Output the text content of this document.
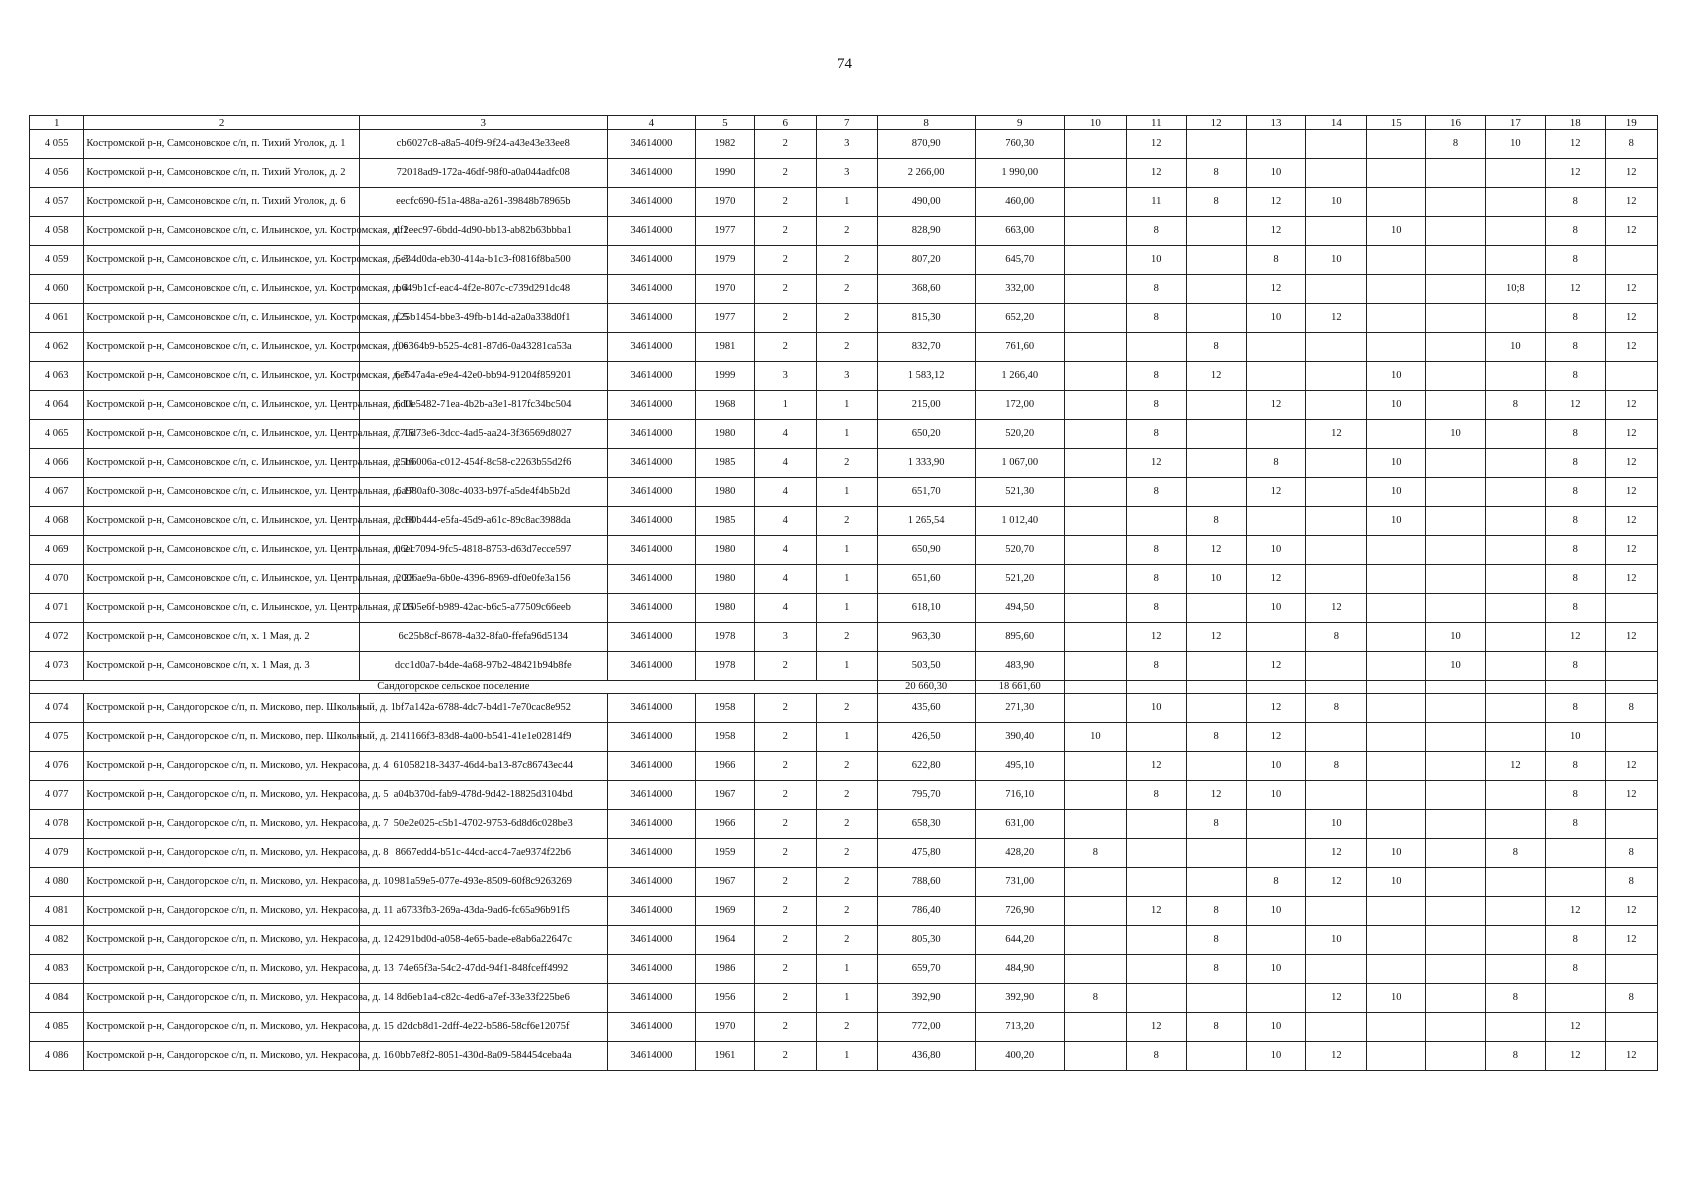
74
1	2	3	4	5	6	7	8	9	10	11	12	13	14	15	16	17	18	19
4 055	Костромской р-н, Самсоновское с/п, п. Тихий Уголок, д. 1	cb6027c8-a8a5-40f9-9f24-a43e43e33ee8	34614000	1982	2	3	870,90	760,30		12					8	10	12	8
4 056	Костромской р-н, Самсоновское с/п, п. Тихий Уголок, д. 2	72018ad9-172a-46df-98f0-a0a044adfc08	34614000	1990	2	3	2 266,00	1 990,00		12	8	10					12	12
4 057	Костромской р-н, Самсоновское с/п, п. Тихий Уголок, д. 6	eecfc690-f51a-488a-a261-39848b78965b	34614000	1970	2	1	490,00	460,00		11	8	12	10				8	12
4 058	Костромской р-н, Самсоновское с/п, с. Ильинское, ул. Костромская, д. 1	df2eec97-6bdd-4d90-bb13-ab82b63bbba1	34614000	1977	2	2	828,90	663,00		8		12		10			8	12
4 059	Костромской р-н, Самсоновское с/п, с. Ильинское, ул. Костромская, д. 3	5e34d0da-eb30-414a-b1c3-f0816f8ba500	34614000	1979	2	2	807,20	645,70		10		8	10				8	
4 060	Костромской р-н, Самсоновское с/п, с. Ильинское, ул. Костромская, д. 4	b649b1cf-eac4-4f2e-807c-c739d291dc48	34614000	1970	2	2	368,60	332,00		8		12				10;8	12	12
4 061	Костромской р-н, Самсоновское с/п, с. Ильинское, ул. Костромская, д. 5	f25b1454-bbe3-49fb-b14d-a2a0a338d0f1	34614000	1977	2	2	815,30	652,20		8		10	12				8	12
4 062	Костромской р-н, Самсоновское с/п, с. Ильинское, ул. Костромская, д. 6	f0e364b9-b525-4c81-87d6-0a43281ca53a	34614000	1981	2	2	832,70	761,60			8					10	8	12
4 063	Костромской р-н, Самсоновское с/п, с. Ильинское, ул. Костромская, д. 7	6e647a4a-e9e4-42e0-bb94-91204f859201	34614000	1999	3	3	1 583,12	1 266,40		8	12			10			8	
4 064	Костромской р-н, Самсоновское с/п, с. Ильинское, ул. Центральная, д. 11	6d0e5482-71ea-4b2b-a3e1-817fc34bc504	34614000	1968	1	1	215,00	172,00		8		12		10		8	12	12
4 065	Костромской р-н, Самсоновское с/п, с. Ильинское, ул. Центральная, д. 15	770d73e6-3dcc-4ad5-aa24-3f36569d8027	34614000	1980	4	1	650,20	520,20		8			12		10		8	12
4 066	Костромской р-н, Самсоновское с/п, с. Ильинское, ул. Центральная, д. 16	25b6006a-c012-454f-8c58-c2263b55d2f6	34614000	1985	4	2	1 333,90	1 067,00		12		8		10			8	12
4 067	Костромской р-н, Самсоновское с/п, с. Ильинское, ул. Центральная, д. 17	6a980af0-308c-4033-b97f-a5de4f4b5b2d	34614000	1980	4	1	651,70	521,30		8		12		10			8	12
4 068	Костромской р-н, Самсоновское с/п, с. Ильинское, ул. Центральная, д. 18	2c80b444-e5fa-45d9-a61c-89c8ac3988da	34614000	1985	4	2	1 265,54	1 012,40			8			10			8	12
4 069	Костромской р-н, Самсоновское с/п, с. Ильинское, ул. Центральная, д. 21	06ec7094-9fc5-4818-8753-d63d7ecce597	34614000	1980	4	1	650,90	520,70		8	12	10					8	12
4 070	Костромской р-н, Самсоновское с/п, с. Ильинское, ул. Центральная, д. 23	2006ae9a-6b0e-4396-8969-df0e0fe3a156	34614000	1980	4	1	651,60	521,20		8	10	12					8	12
4 071	Костромской р-н, Самсоновское с/п, с. Ильинское, ул. Центральная, д. 25	71105e6f-b989-42ac-b6c5-a77509c66eeb	34614000	1980	4	1	618,10	494,50		8		10	12				8	
4 072	Костромской р-н, Самсоновское с/п, х. 1 Мая, д. 2	6c25b8cf-8678-4a32-8fa0-ffefa96d5134	34614000	1978	3	2	963,30	895,60		12	12		8		10		12	12
4 073	Костромской р-н, Самсоновское с/п, х. 1 Мая, д. 3	dcc1d0a7-b4de-4a68-97b2-48421b94b8fe	34614000	1978	2	1	503,50	483,90		8		12			10		8	
Сандогорское сельское поселение							20 660,30	18 661,60										
4 074	Костромской р-н, Сандогорское с/п, п. Мисково, пер. Школьный, д. 1	bf7a142a-6788-4dc7-b4d1-7e70cac8e952	34614000	1958	2	2	435,60	271,30		10		12	8				8	8
4 075	Костромской р-н, Сандогорское с/п, п. Мисково, пер. Школьный, д. 2	141166f3-83d8-4a00-b541-41e1e02814f9	34614000	1958	2	1	426,50	390,40	10		8	12					10	
4 076	Костромской р-н, Сандогорское с/п, п. Мисково, ул. Некрасова, д. 4	61058218-3437-46d4-ba13-87c86743ec44	34614000	1966	2	2	622,80	495,10		12		10	8			12	8	12
4 077	Костромской р-н, Сандогорское с/п, п. Мисково, ул. Некрасова, д. 5	a04b370d-fab9-478d-9d42-18825d3104bd	34614000	1967	2	2	795,70	716,10		8	12	10					8	12
4 078	Костромской р-н, Сандогорское с/п, п. Мисково, ул. Некрасова, д. 7	50e2e025-c5b1-4702-9753-6d8d6c028be3	34614000	1966	2	2	658,30	631,00			8		10				8	
4 079	Костромской р-н, Сандогорское с/п, п. Мисково, ул. Некрасова, д. 8	8667edd4-b51c-44cd-acc4-7ae9374f22b6	34614000	1959	2	2	475,80	428,20	8				12	10		8		8
4 080	Костромской р-н, Сандогорское с/п, п. Мисково, ул. Некрасова, д. 10	981a59e5-077e-493e-8509-60f8c9263269	34614000	1967	2	2	788,60	731,00				8	12	10				8
4 081	Костромской р-н, Сандогорское с/п, п. Мисково, ул. Некрасова, д. 11	a6733fb3-269a-43da-9ad6-fc65a96b91f5	34614000	1969	2	2	786,40	726,90		12	8	10					12	12
4 082	Костромской р-н, Сандогорское с/п, п. Мисково, ул. Некрасова, д. 12	4291bd0d-a058-4e65-bade-e8ab6a22647c	34614000	1964	2	2	805,30	644,20			8		10				8	12
4 083	Костромской р-н, Сандогорское с/п, п. Мисково, ул. Некрасова, д. 13	74e65f3a-54c2-47dd-94f1-848fceff4992	34614000	1986	2	1	659,70	484,90			8	10					8	
4 084	Костромской р-н, Сандогорское с/п, п. Мисково, ул. Некрасова, д. 14	8d6eb1a4-c82c-4ed6-a7ef-33e33f225be6	34614000	1956	2	1	392,90	392,90	8				12	10		8		8
4 085	Костромской р-н, Сандогорское с/п, п. Мисково, ул. Некрасова, д. 15	d2dcb8d1-2dff-4e22-b586-58cf6e12075f	34614000	1970	2	2	772,00	713,20		12	8	10					12	
4 086	Костромской р-н, Сандогорское с/п, п. Мисково, ул. Некрасова, д. 16	0bb7e8f2-8051-430d-8a09-584454ceba4a	34614000	1961	2	1	436,80	400,20		8		10	12			8	12	12
